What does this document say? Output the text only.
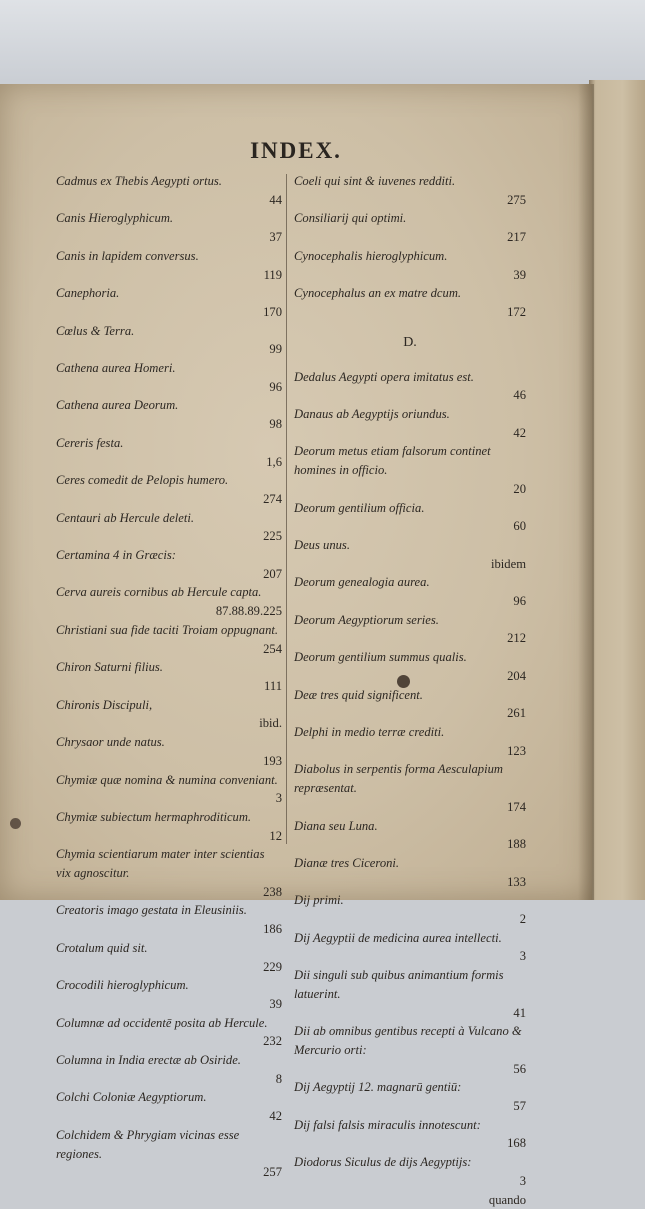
INDEX.
Cadmus ex Thebis Aegypti ortus.
44
Canis Hieroglyphicum.
37
Canis in lapidem conversus.
119
Canephoria.
170
Cœlus & Terra.
99
Cathena aurea Homeri.
96
Cathena aurea Deorum.
98
Cereris festa.
1,6
Ceres comedit de Pelopis humero.
274
Centauri ab Hercule deleti.
225
Certamina 4 in Græcis:
207
Cerva aureis cornibus ab Hercule capta.
87.88.89.225
Christiani sua fide taciti Troiam oppugnant.
254
Chiron Saturni filius.
111
Chironis Discipuli,
ibid.
Chrysaor unde natus.
193
Chymiæ quæ nomina & numina conveniant.
3
Chymiæ subiectum hermaphroditicum.
12
Chymia scientiarum mater inter scientias vix agnoscitur.
238
Creatoris imago gestata in Eleusiniis.
186
Crotalum quid sit.
229
Crocodili hieroglyphicum.
39
Columnæ ad occidentē posita ab Hercule.
232
Columna in India erectæ ab Osiride.
8
Colchi Coloniæ Aegyptiorum.
42
Colchidem & Phrygiam vicinas esse regiones.
257
Coeli qui sint & iuvenes redditi.
275
Consiliarij qui optimi.
217
Cynocephalis hieroglyphicum.
39
Cynocephalus an ex matre dcum.
172
D.
Dedalus Aegypti opera imitatus est.
46
Danaus ab Aegyptijs oriundus.
42
Deorum metus etiam falsorum continet homines in officio.
20
Deorum gentilium officia.
60
Deus unus.
ibidem
Deorum genealogia aurea.
96
Deorum Aegyptiorum series.
212
Deorum gentilium summus qualis.
204
Deæ tres quid significent.
261
Delphi in medio terræ crediti.
123
Diabolus in serpentis forma Aesculapium repræsentat.
174
Diana seu Luna.
188
Dianæ tres Ciceroni.
133
Dij primi.
2
Dij Aegyptii de medicina aurea intellecti.
3
Dii singuli sub quibus animantium formis latuerint.
41
Dii ab omnibus gentibus recepti à Vulcano & Mercurio orti:
56
Dij Aegyptij 12. magnarū gentiū:
57
Dij falsi falsis miraculis innotescunt:
168
Diodorus Siculus de dijs Aegyptijs:
3
quando
